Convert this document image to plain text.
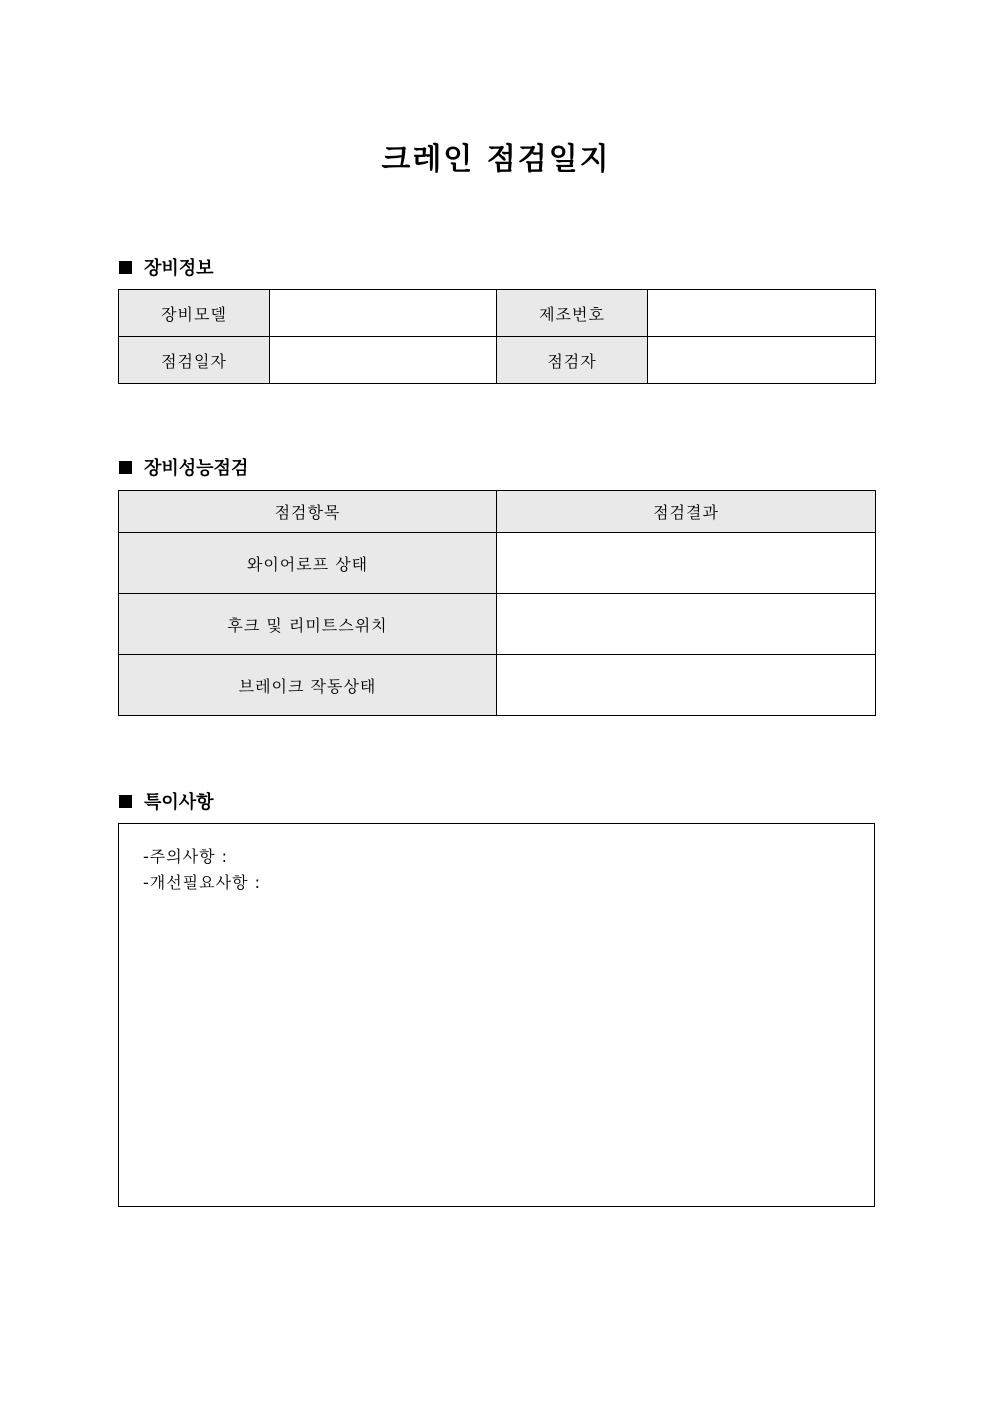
크레인 점검일지
장비정보
장비모델		제조번호	
점검일자		점검자	
장비성능점검
점검항목	점검결과
와이어로프 상태	
후크 및 리미트스위치	
브레이크 작동상태	
특이사항
-주의사항 :
-개선필요사항 :
